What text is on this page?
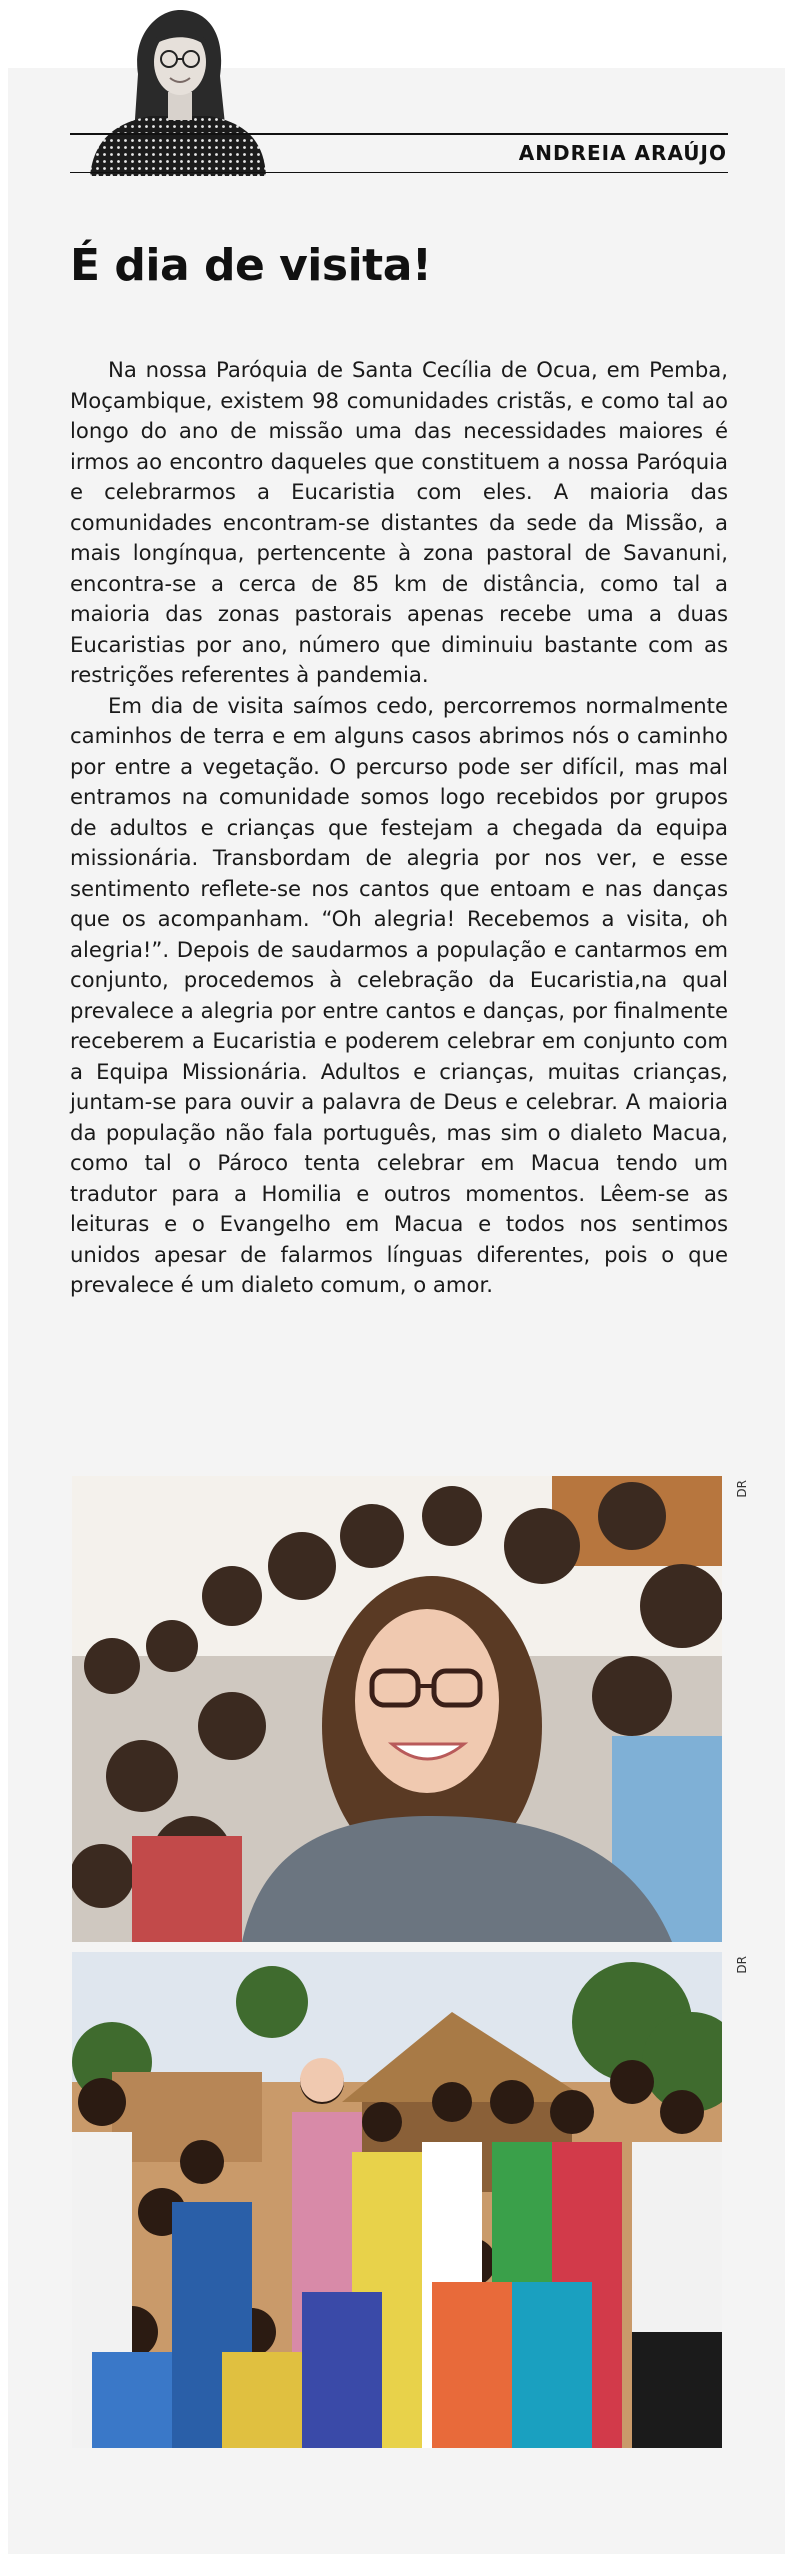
ANDREIA ARAÚJO
É dia de visita!

Na nossa Paróquia de Santa Cecília de Ocua, em Pemba, Moçambique, existem 98 comunidades cristãs, e como tal ao longo do ano de missão uma das necessidades maiores é irmos ao encontro daqueles que constituem a nossa Paróquia e celebrarmos a Eucaristia com eles. A maioria das comunidades encontram-se distantes da sede da Missão, a mais longínqua, pertencente à zona pastoral de Savanuni, encontra-se a cerca de 85 km de distância, como tal a maioria das zonas pastorais apenas recebe uma a duas Eucaristias por ano, número que diminuiu bastante com as restrições referentes à pandemia.

Em dia de visita saímos cedo, percorremos normalmente caminhos de terra e em alguns casos abrimos nós o caminho por entre a vegetação. O percurso pode ser difícil, mas mal entramos na comunidade somos logo recebidos por grupos de adultos e crianças que festejam a chegada da equipa missionária. Transbordam de alegria por nos ver, e esse sentimento reflete-se nos cantos que entoam e nas danças que os acompanham. “Oh alegria! Recebemos a visita, oh alegria!”. Depois de saudarmos a população e cantarmos em conjunto, procedemos à celebração da Eucaristia,na qual prevalece a alegria por entre cantos e danças, por finalmente receberem a Eucaristia e poderem celebrar em conjunto com a Equipa Missionária. Adultos e crianças, muitas crianças, juntam-se para ouvir a palavra de Deus e celebrar. A maioria da população não fala português, mas sim o dialeto Macua, como tal o Pároco tenta celebrar em Macua tendo um tradutor para a Homilia e outros momentos. Lêem-se as leituras e o Evangelho em Macua e todos nos sentimos unidos apesar de falarmos línguas diferentes, pois o que prevalece é um dialeto comum, o amor.

DR
DR
